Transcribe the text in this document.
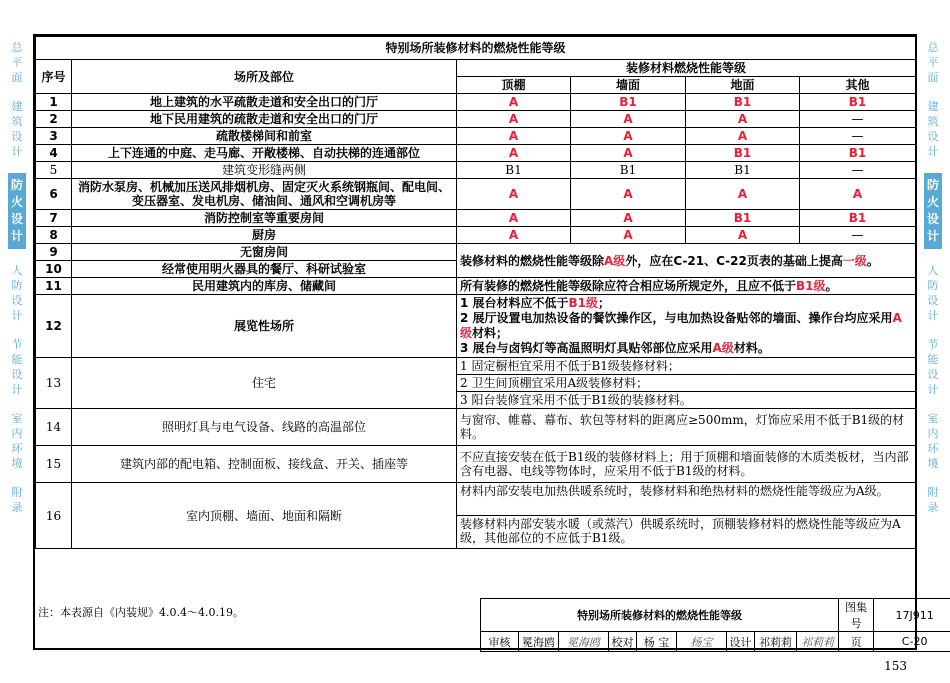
总平面
建筑设计
防火设计
人防设计
节能设计
室内环境
附录
总平面
建筑设计
防火设计
人防设计
节能设计
室内环境
附录
特别场所装修材料的燃烧性能等级					
序号	场所及部位	装修材料燃烧性能等级			
		顶棚	墙面	地面	其他
1	地上建筑的水平疏散走道和安全出口的门厅	A	B1	B1	B1
2	地下民用建筑的疏散走道和安全出口的门厅	A	A	A	—
3	疏散楼梯间和前室	A	A	A	—
4	上下连通的中庭、走马廊、开敞楼梯、自动扶梯的连通部位	A	A	B1	B1
5	建筑变形缝两侧	B1	B1	B1	—
6	消防水泵房、机械加压送风排烟机房、固定灭火系统钢瓶间、配电间、变压器室、发电机房、储油间、通风和空调机房等	A	A	A	A
7	消防控制室等重要房间	A	A	B1	B1
8	厨房	A	A	A	—
9	无窗房间	装修材料的燃烧性能等级除A级外，应在C-21、C-22页表的基础上提高一级。			
10	经常使用明火器具的餐厅、科研试验室				
11	民用建筑内的库房、储藏间	所有装修的燃烧性能等级除应符合相应场所规定外，且应不低于B1级。			
12	展览性场所	1 展台材料应不低于B1级；
2 展厅设置电加热设备的餐饮操作区，与电加热设备贴邻的墙面、操作台均应采用A级材料；
3 展台与卤钨灯等高温照明灯具贴邻部位应采用A级材料。			

13	住宅	1 固定橱柜宜采用不低于B1级装修材料；
2 卫生间顶棚宜采用A级装修材料；
3 阳台装修宜采用不低于B1级的装修材料。			

14	照明灯具与电气设备、线路的高温部位	与窗帘、帷幕、幕布、软包等材料的距离应≥500mm，灯饰应采用不低于B1级的材料。			
15	建筑内部的配电箱、控制面板、接线盒、开关、插座等	不应直接安装在低于B1级的装修材料上；用于顶棚和墙面装修的木质类板材，当内部含有电器、电线等物体时，应采用不低于B1级的材料。			
16	室内顶棚、墙面、地面和隔断	材料内部安装电加热供暖系统时，装修材料和绝热材料的燃烧性能等级应为A级。
装修材料内部安装水暖（或蒸汽）供暖系统时，顶棚装修材料的燃烧性能等级应为A级，其他部位的不应低于B1级。			
注：本表源自《内装规》4.0.4～4.0.19。	特别场所装修材料的燃烧性能等级									图集号	17J911
审核	冕海鸥	冕海鸥	校对	杨 宝	杨宝	设计	祁莉莉	祁莉莉	页	C-20
153
